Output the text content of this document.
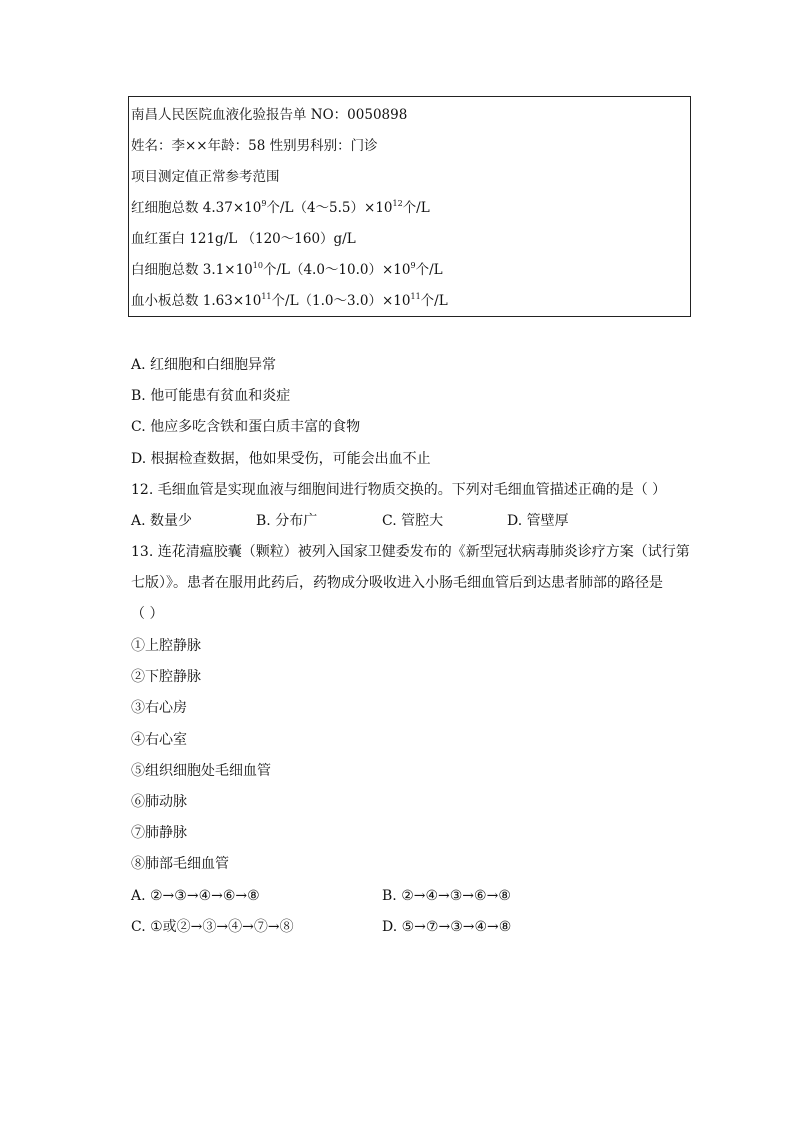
南昌人民医院血液化验报告单 NO：0050898
姓名：李××年龄：58 性别男科别：门诊
项目测定值正常参考范围
红细胞总数 $4.37\times 10^9$个$/L(4\sim 5.5)\times 10^{12}$个/L
血红蛋白 121g/L （120～160）g/L
白细胞总数 $3.1\times 10^{10}$个$/L(4.0\sim 10.0)\times 10^9$个/L
血小板总数 $1.63\times 10^{11}$个$/L(1.0\sim 3.0)\times 10^{11}$个/L
A. 红细胞和白细胞异常
B. 他可能患有贫血和炎症
C. 他应多吃含铁和蛋白质丰富的食物
D. 根据检查数据，他如果受伤，可能会出血不止
12. 毛细血管是实现血液与细胞间进行物质交换的。下列对毛细血管描述正确的是（ ）
A. 数量少	B. 分布广	C. 管腔大	D. 管壁厚
13. 连花清瘟胶囊（颗粒）被列入国家卫健委发布的《新型冠状病毒肺炎诊疗方案（试行第
七版）》。患者在服用此药后，药物成分吸收进入小肠毛细血管后到达患者肺部的路径是
（ ）
①上腔静脉
②下腔静脉
③右心房
④右心室
⑤组织细胞处毛细血管
⑥肺动脉
⑦肺静脉
⑧肺部毛细血管
A. ②→③→④→⑥→⑧	B. ②→④→③→⑥→⑧
C. ①或②→③→④→⑦→⑧	D. ⑤→⑦→③→④→⑧
